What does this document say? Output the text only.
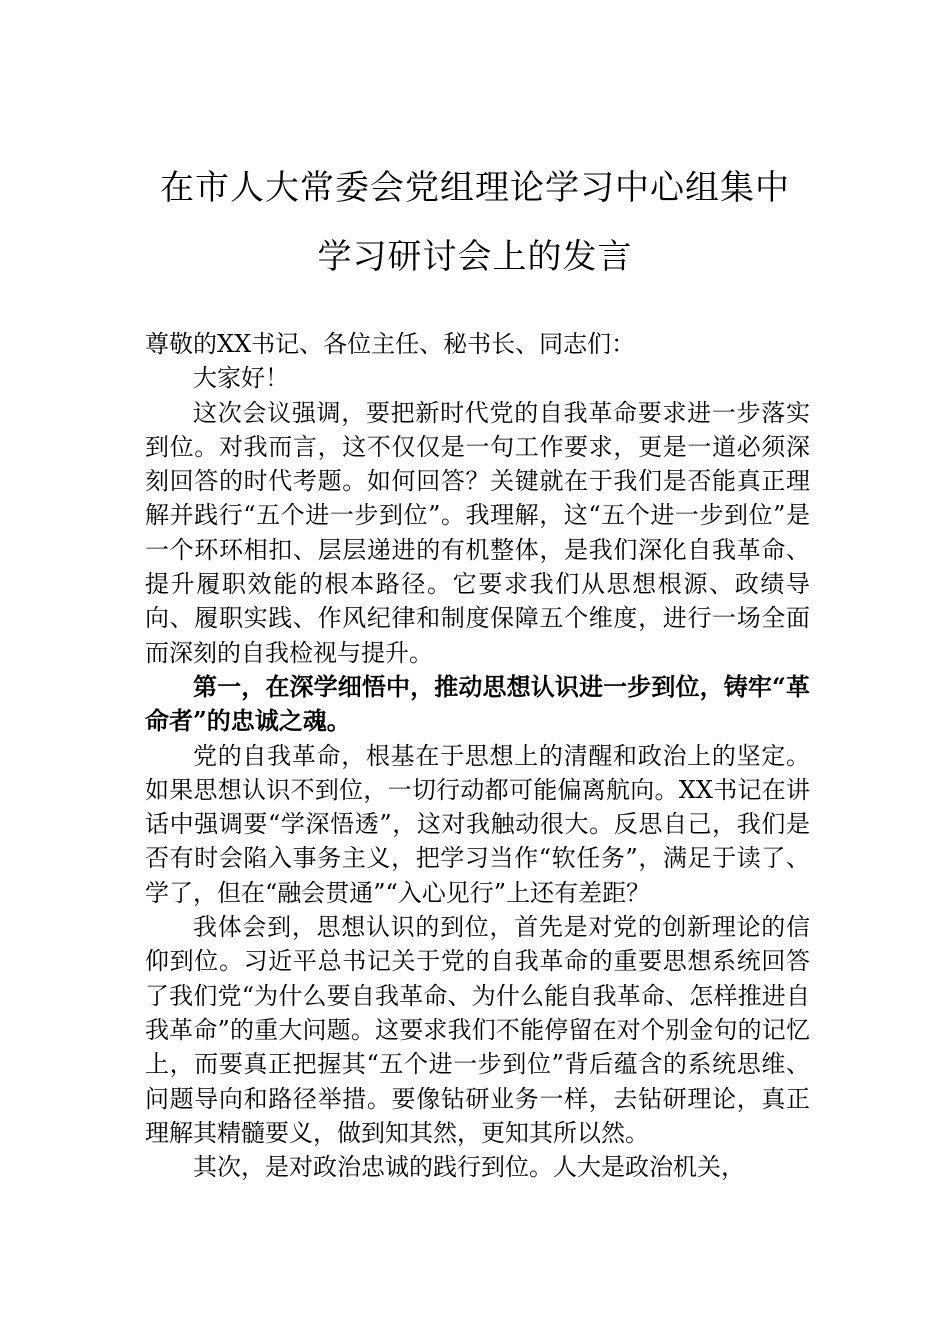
在市人大常委会党组理论学习中心组集中
学习研讨会上的发言

尊敬的XX书记、各位主任、秘书长、同志们：

大家好！

这次会议强调，要把新时代党的自我革命要求进一步落实到位。对我而言，这不仅仅是一句工作要求，更是一道必须深刻回答的时代考题。如何回答？关键就在于我们是否能真正理解并践行“五个进一步到位”。我理解，这“五个进一步到位”是一个环环相扣、层层递进的有机整体，是我们深化自我革命、提升履职效能的根本路径。它要求我们从思想根源、政绩导向、履职实践、作风纪律和制度保障五个维度，进行一场全面而深刻的自我检视与提升。

第一，在深学细悟中，推动思想认识进一步到位，铸牢“革命者”的忠诚之魂。

党的自我革命，根基在于思想上的清醒和政治上的坚定。如果思想认识不到位，一切行动都可能偏离航向。XX书记在讲话中强调要“学深悟透”，这对我触动很大。反思自己，我们是否有时会陷入事务主义，把学习当作“软任务”，满足于读了、学了，但在“融会贯通”“入心见行”上还有差距？

我体会到，思想认识的到位，首先是对党的创新理论的信仰到位。习近平总书记关于党的自我革命的重要思想系统回答了我们党“为什么要自我革命、为什么能自我革命、怎样推进自我革命”的重大问题。这要求我们不能停留在对个别金句的记忆上，而要真正把握其“五个进一步到位”背后蕴含的系统思维、问题导向和路径举措。要像钻研业务一样，去钻研理论，真正理解其精髓要义，做到知其然，更知其所以然。

其次，是对政治忠诚的践行到位。人大是政治机关，
